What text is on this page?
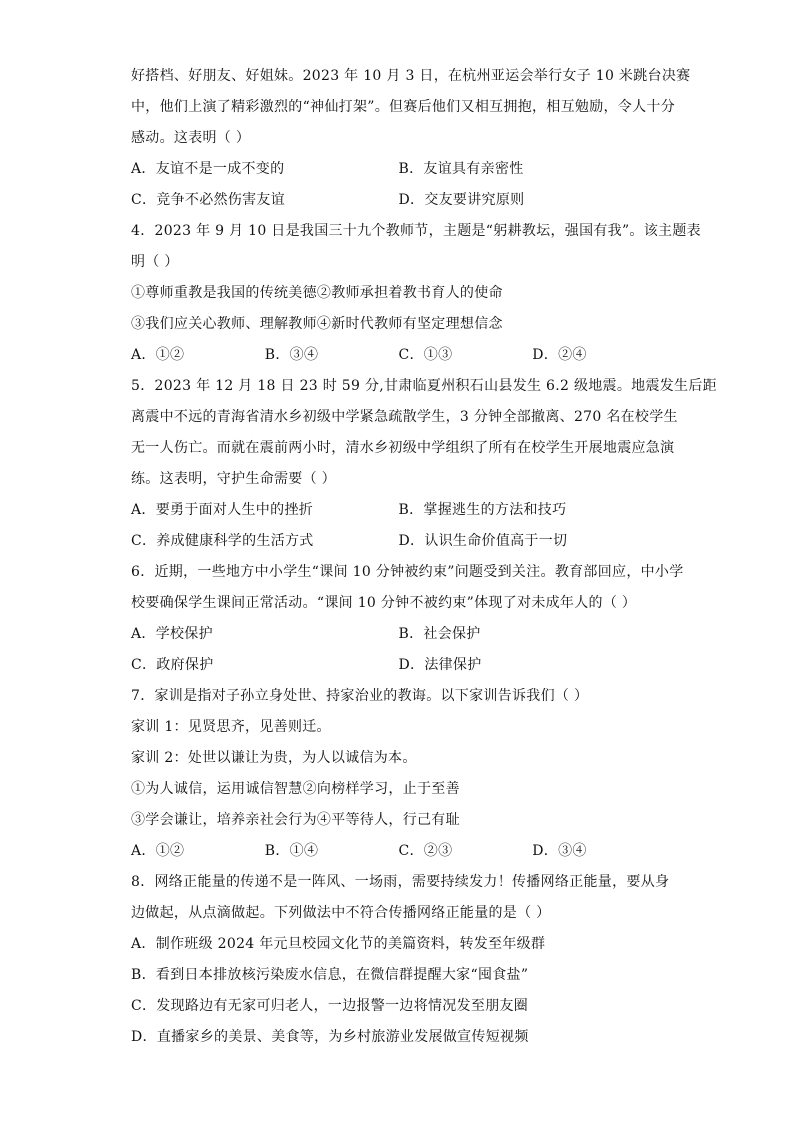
好搭档、好朋友、好姐妹。2023 年 10 月 3 日，在杭州亚运会举行女子 10 米跳台决赛
中，他们上演了精彩激烈的“神仙打架”。但赛后他们又相互拥抱，相互勉励，令人十分
感动。这表明（ ）
A．友谊不是一成不变的	B．友谊具有亲密性
C．竞争不必然伤害友谊	D．交友要讲究原则
4．2023 年 9 月 10 日是我国三十九个教师节，主题是“躬耕教坛，强国有我”。该主题表
明（ ）
①尊师重教是我国的传统美德②教师承担着教书育人的使命
③我们应关心教师、理解教师④新时代教师有坚定理想信念
A．①②	B．③④	C．①③	D．②④
5．2023 年 12 月 18 日 23 时 59 分,甘肃临夏州积石山县发生 6.2 级地震。地震发生后距
离震中不远的青海省清水乡初级中学紧急疏散学生，3 分钟全部撤离、270 名在校学生
无一人伤亡。而就在震前两小时，清水乡初级中学组织了所有在校学生开展地震应急演
练。这表明，守护生命需要（ ）
A．要勇于面对人生中的挫折	B．掌握逃生的方法和技巧
C．养成健康科学的生活方式	D．认识生命价值高于一切
6．近期，一些地方中小学生“课间 10 分钟被约束”问题受到关注。教育部回应，中小学
校要确保学生课间正常活动。“课间 10 分钟不被约束”体现了对未成年人的（ ）
A．学校保护	B．社会保护
C．政府保护	D．法律保护
7．家训是指对子孙立身处世、持家治业的教诲。以下家训告诉我们（ ）
家训 1：见贤思齐，见善则迁。
家训 2：处世以谦让为贵，为人以诚信为本。
①为人诚信，运用诚信智慧②向榜样学习，止于至善
③学会谦让，培养亲社会行为④平等待人，行己有耻
A．①②	B．①④	C．②③	D．③④
8．网络正能量的传递不是一阵风、一场雨，需要持续发力！传播网络正能量，要从身
边做起，从点滴做起。下列做法中不符合传播网络正能量的是（ ）
A．制作班级 2024 年元旦校园文化节的美篇资料，转发至年级群
B．看到日本排放核污染废水信息，在微信群提醒大家“囤食盐”
C．发现路边有无家可归老人，一边报警一边将情况发至朋友圈
D．直播家乡的美景、美食等，为乡村旅游业发展做宣传短视频
